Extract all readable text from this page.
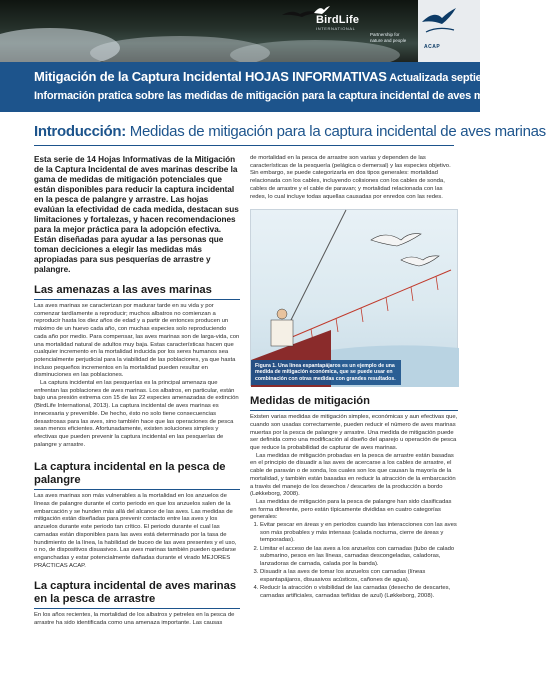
BirdLife
INTERNATIONAL
Partnership for
nature and people
ACAP
Mitigación de la Captura Incidental HOJAS INFORMATIVAS Actualizada septiembre del 2014
Información pratica sobre las medidas de mitigación para la captura incidental de aves marinas
Introducción: Medidas de mitigación para la captura incidental de aves marinas

Esta serie de 14 Hojas Informativas de la Mitigación de la Captura Incidental de aves marinas describe la gama de medidas de mitigación potenciales que están disponibles para reducir la captura incidental en la pesca de palangre y arrastre. Las hojas evalúan la efectividad de cada medida, destacan sus limitaciones y fortalezas, y hacen recomendaciones para la mejor práctica para la adopción efectiva. Están diseñadas para ayudar a las personas que toman deciciones a elegir las medidas más apropiadas para sus pesquerías de arrastre y palangre.

Las amenazas a las aves marinas

Las aves marinas se caracterizan por madurar tarde en su vida y por comenzar tardíamente a reproducir; muchos albatros no comienzan a reproducir hasta los diez años de edad y a partir de entonces producen un máximo de un huevo cada año, con muchas especies solo reproduciendo cada año por medio. Para compensar, las aves marinas son de larga-vida, con una mortalidad natural de adultos muy baja. Estas características hacen que cualquier incremento en la mortalidad inducida por los seres humanos sea potencialmente perjudicial para la viabilidad de las poblaciones, ya que hasta incluso pequeños incrementos en la mortalidad pueden resultar en disminuciones en las poblaciones.

La captura incidental en las pesquerías es la principal amenaza que enfrentan las poblaciones de aves marinas. Los albatros, en particular, están bajo una presión extrema con 15 de las 22 especies amenazadas de extinción (BirdLife International, 2013). La captura incidental de aves marinas es innecesaria y prevenible. De hecho, ésto no solo tiene consecuencias desastrosas para las aves, sino también hace que las operaciones de pesca sean menos eficientes. Afortunadamente, existen soluciones simples y efectivas que pueden prevenir la captura incidental en las pesquerías de palangre y arrastre.

La captura incidental en la pesca de palangre

Las aves marinas son más vulnerables a la mortalidad en los anzuelos de líneas de palangre durante el corto periodo en que los anzuelos salen de la embarcación y se hunden más allá del alcance de las aves. Las medidas de mitigación están diseñadas para prevenir contacto entre las aves y los anzuelos durante este periodo tan crítico. El periodo durante el cual las carnadas están disponibles para las aves está determinado por la tasa de hundimiento de la línea, la habilidad de buceo de las aves presentes y el uso, o no, de dispositivos disuasivos. Las aves marinas también pueden quedarse enganchadas y estar potencialmente dañadas durante el virado MEJORES PRÁCTICAS ACAP.

La captura incidental de aves marinas en la pesca de arrastre

En los años recientes, la mortalidad de los albatros y petreles en la pesca de arrastre ha sido identificada como una amenaza importante. Las causas

de mortalidad en la pesca de arrastre son varias y dependen de las características de la pesquería (pelágica o demersal) y las especies objetivo. Sin embargo, se puede categorizarla en dos tipos generales: mortalidad relacionada con los cables, incluyendo colisiones con los cables de sonda, cables de arrastre y el cable de paravan; y mortalidad relacionada con las redes, lo cual incluye todas aquellas causadas por enredos con las redes.

Figura 1. Una línea espantapájaros es un ejemplo de una medida de mitigación económica, que se puede usar en combinación con otras medidas con grandes resultados.
Medidas de mitigación

Existen varias medidas de mitigación simples, económicas y aun efectivas que, cuando son usadas correctamente, pueden reducir el número de aves marinas muertas por la pesca de palangre y arrastre. Una medida de mitigación puede ser definida como una modificación al diseño del aparejo u operación de pesca que reduce la probabilidad de capturar de aves marinas.

Las medidas de mitigación probadas en la pesca de arrastre están basadas en el principio de disuadir a las aves de acercarse a los cables de arrastre, el cable de paraván o de sonda, los cuales son los que causan la mayoría de la mortalidad, y también están basadas en reducir la atracción de la embarcación a través del manejo de los desechos / descartes de la producción a bordo (Løkkeborg, 2008).

Las medidas de mitigación para la pesca de palangre han sido clasificadas en forma diferente, pero están típicamente divididas en cuatro categorías generales:

1. Evitar pescar en áreas y en periodos cuando las interacciones con las aves son más probables y más intensas (calada nocturna, cierre de áreas y temporadas).
2. Limitar el acceso de las aves a los anzuelos con carnadas (tubo de calado submarino, pesos en las líneas, carnadas descongeladas, caladoras, lanzadoras de carnada, calada por la banda).
3. Disuadir a las aves de tomar los anzuelos con carnadas (líneas espantapájaros, disuasivos acústicos, cañones de agua).
4. Reducir la atracción o visibilidad de las carnadas (desecho de descartes, carnadas artificiales, carnadas teñidas de azul) (Løkkeborg, 2008).
